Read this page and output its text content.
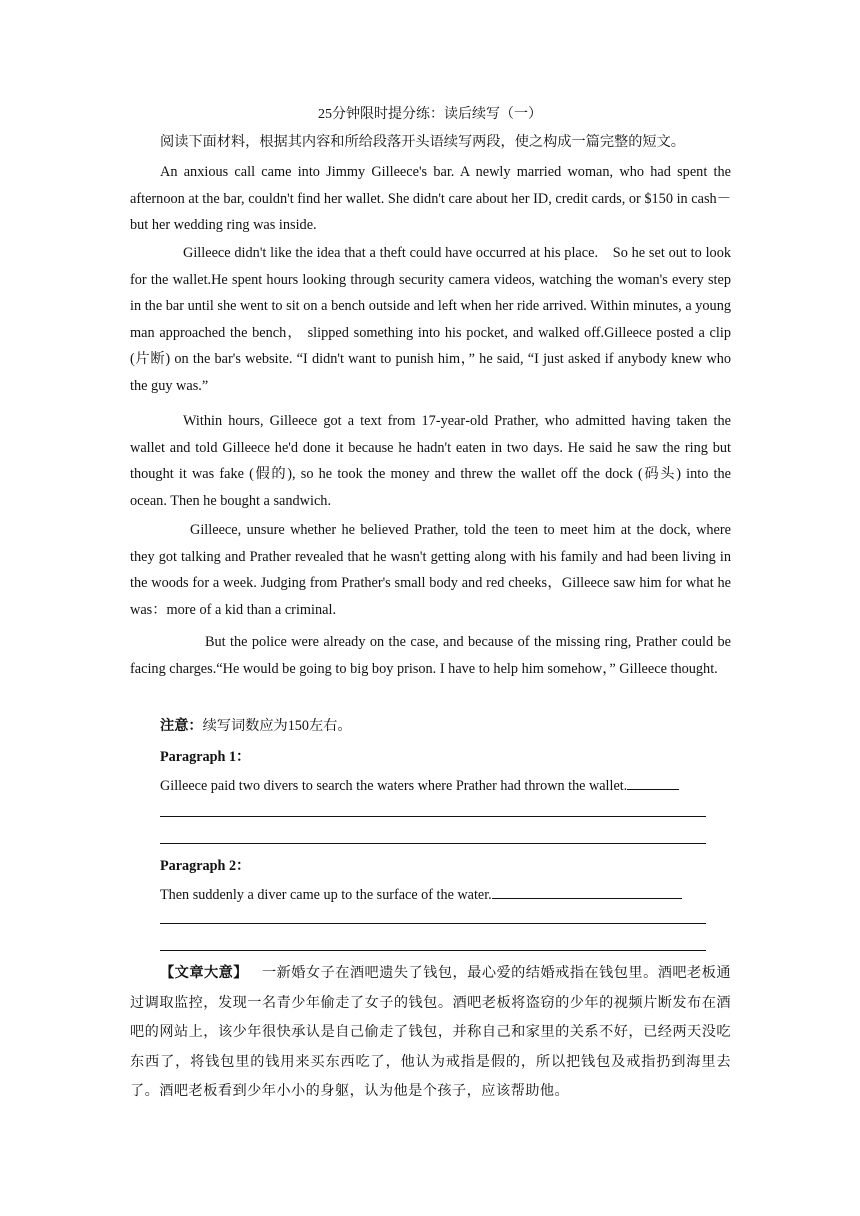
25分钟限时提分练：读后续写（一）
阅读下面材料，根据其内容和所给段落开头语续写两段，使之构成一篇完整的短文。
An anxious call came into Jimmy Gilleece's bar. A newly married woman, who had spent the afternoon at the bar, couldn't find her wallet. She didn't care about her ID, credit cards, or $150 in cash－but her wedding ring was inside.
Gilleece didn't like the idea that a theft could have occurred at his place.　So he set out to look for the wallet.He spent hours looking through security camera videos, watching the woman's every step in the bar until she went to sit on a bench outside and left when her ride arrived. Within minutes, a young man approached the bench， slipped something into his pocket, and walked off.Gilleece posted a clip (片断) on the bar's website. “I didn't want to punish him，” he said, “I just asked if anybody knew who the guy was.”
Within hours, Gilleece got a text from 17‑year‑old Prather, who admitted having taken the wallet and told Gilleece he'd done it because he hadn't eaten in two days. He said he saw the ring but thought it was fake (假的), so he took the money and threw the wallet off the dock (码头) into the ocean. Then he bought a sandwich.
Gilleece, unsure whether he believed Prather, told the teen to meet him at the dock, where they got talking and Prather revealed that he wasn't getting along with his family and had been living in the woods for a week. Judging from Prather's small body and red cheeks，Gilleece saw him for what he was：more of a kid than a criminal.
But the police were already on the case, and because of the missing ring, Prather could be facing charges.“He would be going to big boy prison. I have to help him somehow，” Gilleece thought.
注意：续写词数应为150左右。
Paragraph 1：
Gilleece paid two divers to search the waters where Prather had thrown the wallet.
Paragraph 2：
Then suddenly a diver came up to the surface of the water.
【文章大意】 一新婚女子在酒吧遗失了钱包，最心爱的结婚戒指在钱包里。酒吧老板通过调取监控，发现一名青少年偷走了女子的钱包。酒吧老板将盗窃的少年的视频片断发布在酒吧的网站上，该少年很快承认是自己偷走了钱包，并称自己和家里的关系不好，已经两天没吃东西了，将钱包里的钱用来买东西吃了，他认为戒指是假的，所以把钱包及戒指扔到海里去了。酒吧老板看到少年小小的身躯，认为他是个孩子，应该帮助他。
